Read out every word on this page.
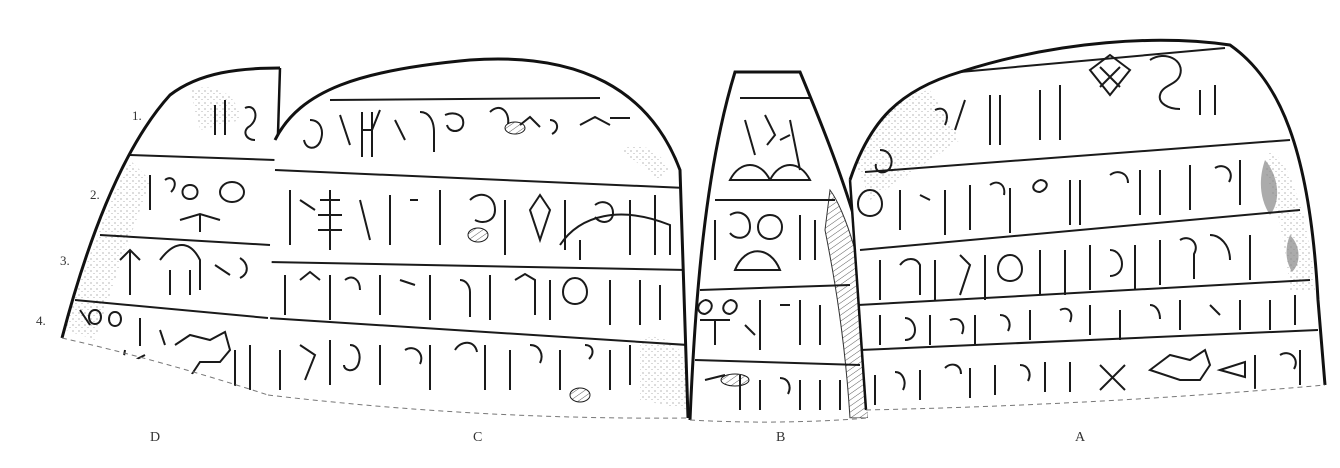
1.
2.
3.
4.
D	C	B	A
